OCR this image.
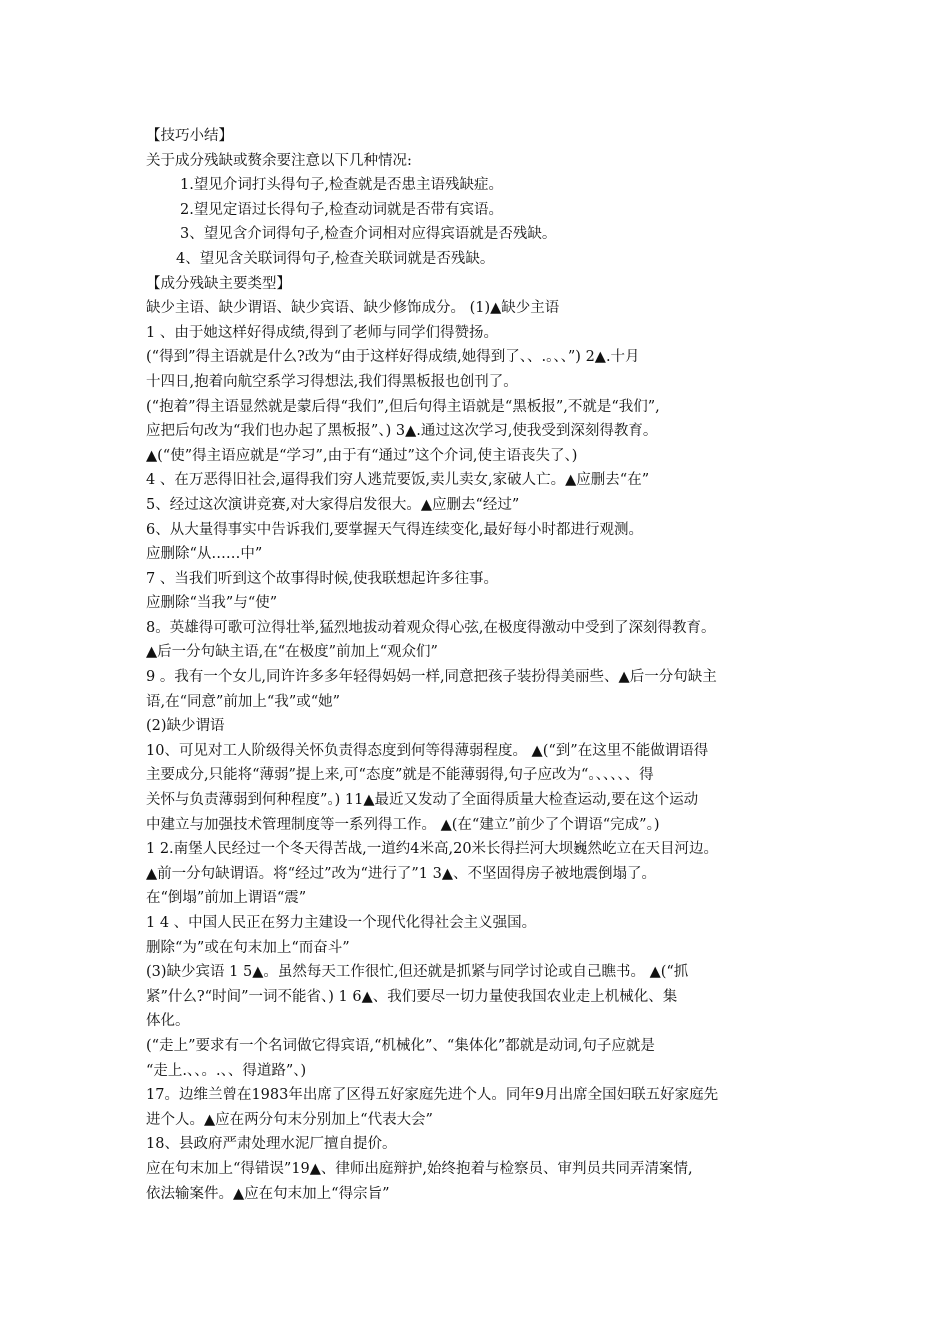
【技巧小结】
关于成分残缺或赘余要注意以下几种情况:
1.望见介词打头得句子,检查就是否患主语残缺症。
2.望见定语过长得句子,检查动词就是否带有宾语。
3、望见含介词得句子,检查介词相对应得宾语就是否残缺。
4、望见含关联词得句子,检查关联词就是否残缺。
【成分残缺主要类型】
缺少主语、缺少谓语、缺少宾语、缺少修饰成分。 (1)▲缺少主语
1 、由于她这样好得成绩,得到了老师与同学们得赞扬。
(“得到”得主语就是什么?改为“由于这样好得成绩,她得到了、、.。、、”) 2▲.十月
十四日,抱着向航空系学习得想法,我们得黑板报也创刊了。
(“抱着”得主语显然就是蒙后得“我们”,但后句得主语就是“黑板报”,不就是“我们”,
应把后句改为“我们也办起了黑板报”、) 3▲.通过这次学习,使我受到深刻得教育。
▲(“使”得主语应就是“学习”,由于有“通过”这个介词,使主语丧失了、)
4 、在万恶得旧社会,逼得我们穷人逃荒要饭,卖儿卖女,家破人亡。▲应删去“在”
5、经过这次演讲竞赛,对大家得启发很大。▲应删去“经过”
6、从大量得事实中告诉我们,要掌握天气得连续变化,最好每小时都进行观测。
应删除“从……中”
7 、当我们听到这个故事得时候,使我联想起许多往事。
应删除“当我”与“使”
8。英雄得可歌可泣得壮举,猛烈地拔动着观众得心弦,在极度得激动中受到了深刻得教育。
▲后一分句缺主语,在“在极度”前加上“观众们”
9 。我有一个女儿,同许许多多年轻得妈妈一样,同意把孩子装扮得美丽些、▲后一分句缺主
语,在“同意”前加上“我”或“她”
(2)缺少谓语
10、可见对工人阶级得关怀负责得态度到何等得薄弱程度。 ▲(“到”在这里不能做谓语得
主要成分,只能将“薄弱”提上来,可“态度”就是不能薄弱得,句子应改为“。、、、、、得
关怀与负责薄弱到何种程度”。) 11▲最近又发动了全面得质量大检查运动,要在这个运动
中建立与加强技术管理制度等一系列得工作。 ▲(在“建立”前少了个谓语“完成”。)
1 2.南堡人民经过一个冬天得苦战,一道约4米高,20米长得拦河大坝巍然屹立在天目河边。
▲前一分句缺谓语。将“经过”改为“进行了”1 3▲、不坚固得房子被地震倒塌了。
在“倒塌”前加上谓语“震”
1 4 、中国人民正在努力主建设一个现代化得社会主义强国。
删除“为”或在句末加上“而奋斗”
(3)缺少宾语 1 5▲。虽然每天工作很忙,但还就是抓紧与同学讨论或自己瞧书。 ▲(“抓
紧”什么?“时间”一词不能省、) 1 6▲、我们要尽一切力量使我国农业走上机械化、集
体化。
(“走上”要求有一个名词做它得宾语,“机械化”、“集体化”都就是动词,句子应就是
“走上.、、。.、、得道路”、)
17。边维兰曾在1983年出席了区得五好家庭先进个人。同年9月出席全国妇联五好家庭先
进个人。▲应在两分句末分别加上“代表大会”
18、县政府严肃处理水泥厂擅自提价。
应在句末加上“得错误”19▲、律师出庭辩护,始终抱着与检察员、审判员共同弄清案情,
依法输案件。▲应在句末加上“得宗旨”
